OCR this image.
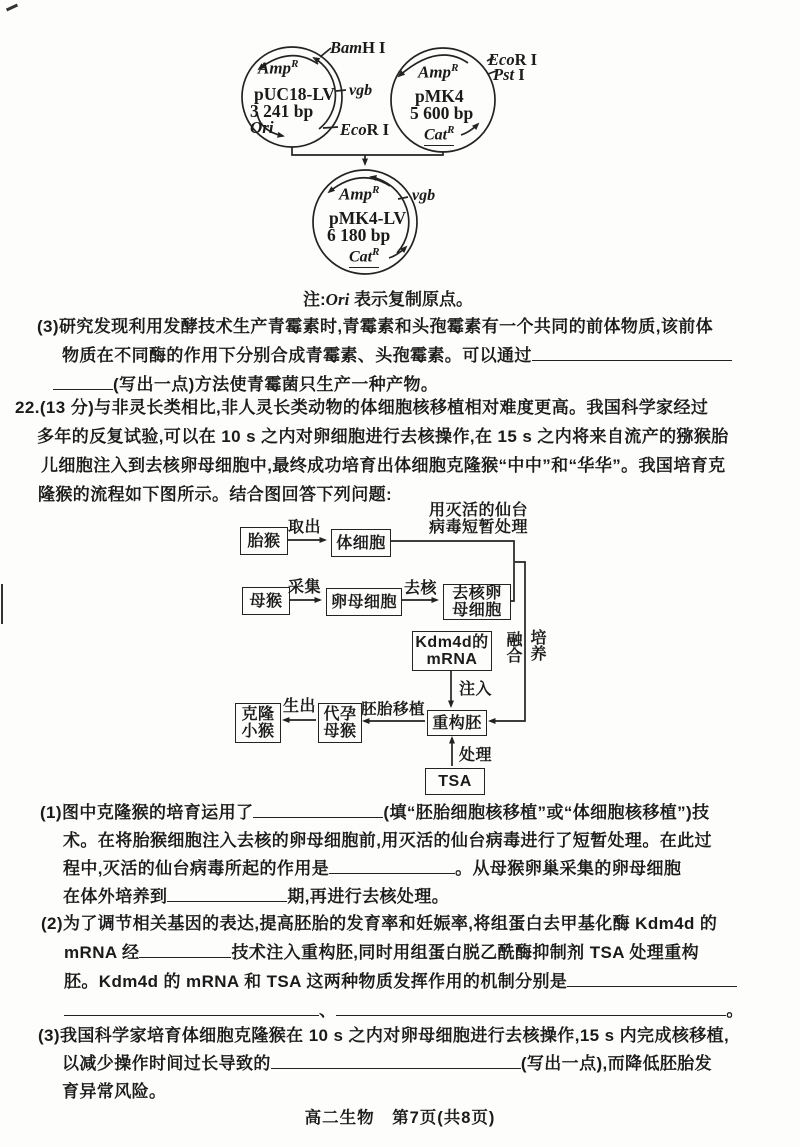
Amp$^R$
pUC18-LV
3 241 bp
Ori
BamH I
vgb
EcoR I
Amp$^R$
pMK4
5 600 bp
Cat$^R$
EcoR I
Pst I
Amp$^R$
pMK4-LV
6 180 bp
Cat$^R$
vgb
注:Ori 表示复制原点。
胎猴	体细胞
母猴	卵母细胞	去核卵
母细胞
Kdm4d的
mRNA
重构胚
TSA
代孕
母猴
克隆
小猴
取出
用灭活的仙台
病毒短暂处理
采集	去核
融合 培养
注入
处理
胚胎移植
生出
(3)研究发现利用发酵技术生产青霉素时,青霉素和头孢霉素有一个共同的前体物质,该前体
物质在不同酶的作用下分别合成青霉素、头孢霉素。可以通过
(写出一点)方法使青霉菌只生产一种产物。
22.(13 分)与非灵长类相比,非人灵长类动物的体细胞核移植相对难度更高。我国科学家经过
多年的反复试验,可以在 10 s 之内对卵细胞进行去核操作,在 15 s 之内将来自流产的猕猴胎
儿细胞注入到去核卵母细胞中,最终成功培育出体细胞克隆猴“中中”和“华华”。我国培育克
隆猴的流程如下图所示。结合图回答下列问题:
(1)图中克隆猴的培育运用了	(填“胚胎细胞核移植”或“体细胞核移植”)技
术。在将胎猴细胞注入去核的卵母细胞前,用灭活的仙台病毒进行了短暂处理。在此过
程中,灭活的仙台病毒所起的作用是	。从母猴卵巢采集的卵母细胞
在体外培养到	期,再进行去核处理。
(2)为了调节相关基因的表达,提高胚胎的发育率和妊娠率,将组蛋白去甲基化酶 Kdm4d 的
mRNA 经	技术注入重构胚,同时用组蛋白脱乙酰酶抑制剂 TSA 处理重构
胚。Kdm4d 的 mRNA 和 TSA 这两种物质发挥作用的机制分别是
、	。
(3)我国科学家培育体细胞克隆猴在 10 s 之内对卵母细胞进行去核操作,15 s 内完成核移植,
以减少操作时间过长导致的	(写出一点),而降低胚胎发
育异常风险。
高二生物　第7页(共8页)
